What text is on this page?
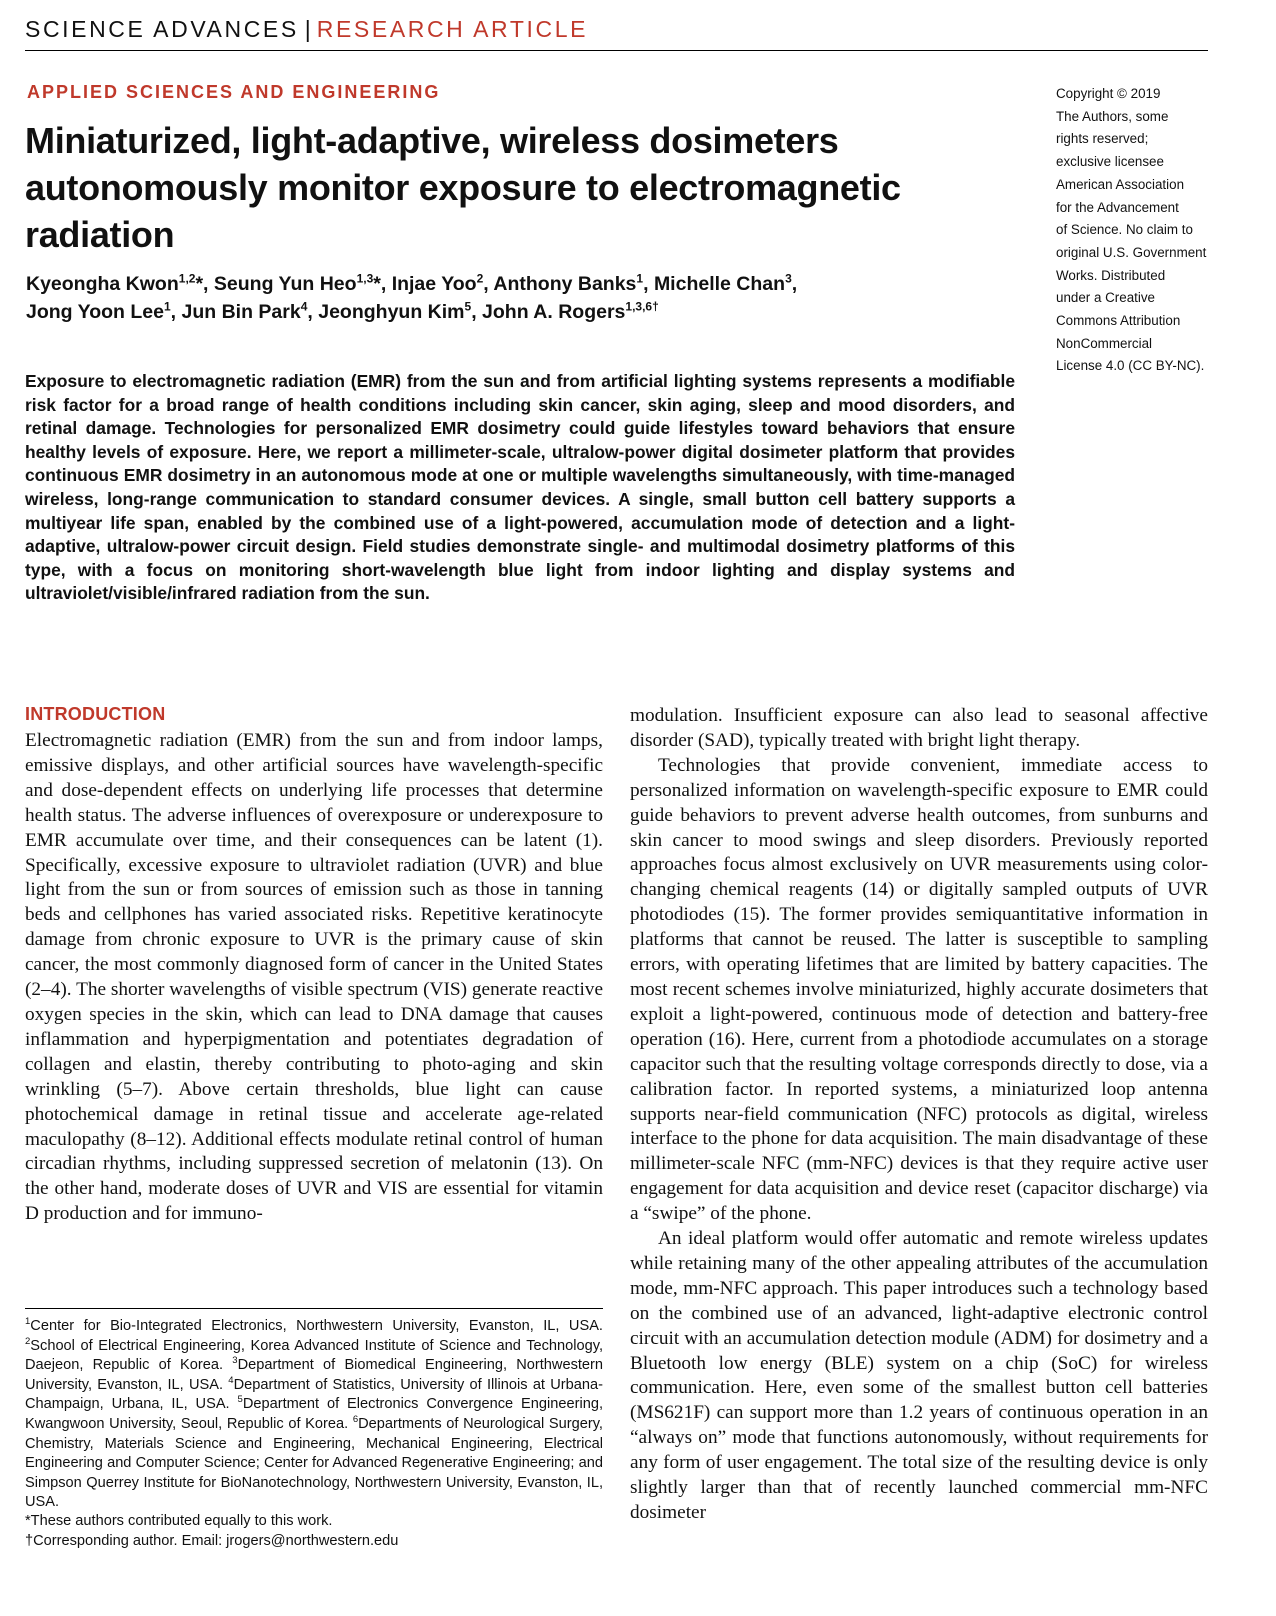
SCIENCE ADVANCES | RESEARCH ARTICLE
APPLIED SCIENCES AND ENGINEERING
Miniaturized, light-adaptive, wireless dosimeters autonomously monitor exposure to electromagnetic radiation

Kyeongha Kwon$^{1,2}$*, Seung Yun Heo$^{1,3}$*, Injae Yoo$^2$, Anthony Banks$^1$, Michelle Chan$^3$,
Jong Yoon Lee$^1$, Jun Bin Park$^4$, Jeonghyun Kim$^5$, John A. Rogers$^{1,3,6\dagger}$

Copyright © 2019
The Authors, some
rights reserved;
exclusive licensee
American Association
for the Advancement
of Science. No claim to
original U.S. Government
Works. Distributed
under a Creative
Commons Attribution
NonCommercial
License 4.0 (CC BY-NC).

Exposure to electromagnetic radiation (EMR) from the sun and from artificial lighting systems represents a modifiable risk factor for a broad range of health conditions including skin cancer, skin aging, sleep and mood disorders, and retinal damage. Technologies for personalized EMR dosimetry could guide lifestyles toward behaviors that ensure healthy levels of exposure. Here, we report a millimeter-scale, ultralow-power digital dosimeter platform that provides continuous EMR dosimetry in an autonomous mode at one or multiple wavelengths simultaneously, with time-managed wireless, long-range communication to standard consumer devices. A single, small button cell battery supports a multiyear life span, enabled by the combined use of a light-powered, accumulation mode of detection and a light-adaptive, ultralow-power circuit design. Field studies demonstrate single- and multimodal dosimetry platforms of this type, with a focus on monitoring short-wavelength blue light from indoor lighting and display systems and ultraviolet/visible/infrared radiation from the sun.

INTRODUCTION

Electromagnetic radiation (EMR) from the sun and from indoor lamps, emissive displays, and other artificial sources have wavelength-specific and dose-dependent effects on underlying life processes that determine health status. The adverse influences of overexposure or underexposure to EMR accumulate over time, and their consequences can be latent (1). Specifically, excessive exposure to ultraviolet radiation (UVR) and blue light from the sun or from sources of emission such as those in tanning beds and cellphones has varied associated risks. Repetitive keratinocyte damage from chronic exposure to UVR is the primary cause of skin cancer, the most commonly diagnosed form of cancer in the United States (2–4). The shorter wavelengths of visible spectrum (VIS) generate reactive oxygen species in the skin, which can lead to DNA damage that causes inflammation and hyperpigmentation and potentiates degradation of collagen and elastin, thereby contributing to photo-aging and skin wrinkling (5–7). Above certain thresholds, blue light can cause photochemical damage in retinal tissue and accelerate age-related maculopathy (8–12). Additional effects modulate retinal control of human circadian rhythms, including suppressed secretion of melatonin (13). On the other hand, moderate doses of UVR and VIS are essential for vitamin D production and for immuno-

modulation. Insufficient exposure can also lead to seasonal affective disorder (SAD), typically treated with bright light therapy.

Technologies that provide convenient, immediate access to personalized information on wavelength-specific exposure to EMR could guide behaviors to prevent adverse health outcomes, from sunburns and skin cancer to mood swings and sleep disorders. Previously reported approaches focus almost exclusively on UVR measurements using color-changing chemical reagents (14) or digitally sampled outputs of UVR photodiodes (15). The former provides semiquantitative information in platforms that cannot be reused. The latter is susceptible to sampling errors, with operating lifetimes that are limited by battery capacities. The most recent schemes involve miniaturized, highly accurate dosimeters that exploit a light-powered, continuous mode of detection and battery-free operation (16). Here, current from a photodiode accumulates on a storage capacitor such that the resulting voltage corresponds directly to dose, via a calibration factor. In reported systems, a miniaturized loop antenna supports near-field communication (NFC) protocols as digital, wireless interface to the phone for data acquisition. The main disadvantage of these millimeter-scale NFC (mm-NFC) devices is that they require active user engagement for data acquisition and device reset (capacitor discharge) via a “swipe” of the phone.

An ideal platform would offer automatic and remote wireless updates while retaining many of the other appealing attributes of the accumulation mode, mm-NFC approach. This paper introduces such a technology based on the combined use of an advanced, light-adaptive electronic control circuit with an accumulation detection module (ADM) for dosimetry and a Bluetooth low energy (BLE) system on a chip (SoC) for wireless communication. Here, even some of the smallest button cell batteries (MS621F) can support more than 1.2 years of continuous operation in an “always on” mode that functions autonomously, without requirements for any form of user engagement. The total size of the resulting device is only slightly larger than that of recently launched commercial mm-NFC dosimeter

$^1$Center for Bio-Integrated Electronics, Northwestern University, Evanston, IL, USA. $^2$School of Electrical Engineering, Korea Advanced Institute of Science and Technology, Daejeon, Republic of Korea. $^3$Department of Biomedical Engineering, Northwestern University, Evanston, IL, USA. $^4$Department of Statistics, University of Illinois at Urbana-Champaign, Urbana, IL, USA. $^5$Department of Electronics Convergence Engineering, Kwangwoon University, Seoul, Republic of Korea. $^6$Departments of Neurological Surgery, Chemistry, Materials Science and Engineering, Mechanical Engineering, Electrical Engineering and Computer Science; Center for Advanced Regenerative Engineering; and Simpson Querrey Institute for BioNanotechnology, Northwestern University, Evanston, IL, USA.

*These authors contributed equally to this work.
†Corresponding author. Email: jrogers@northwestern.edu
